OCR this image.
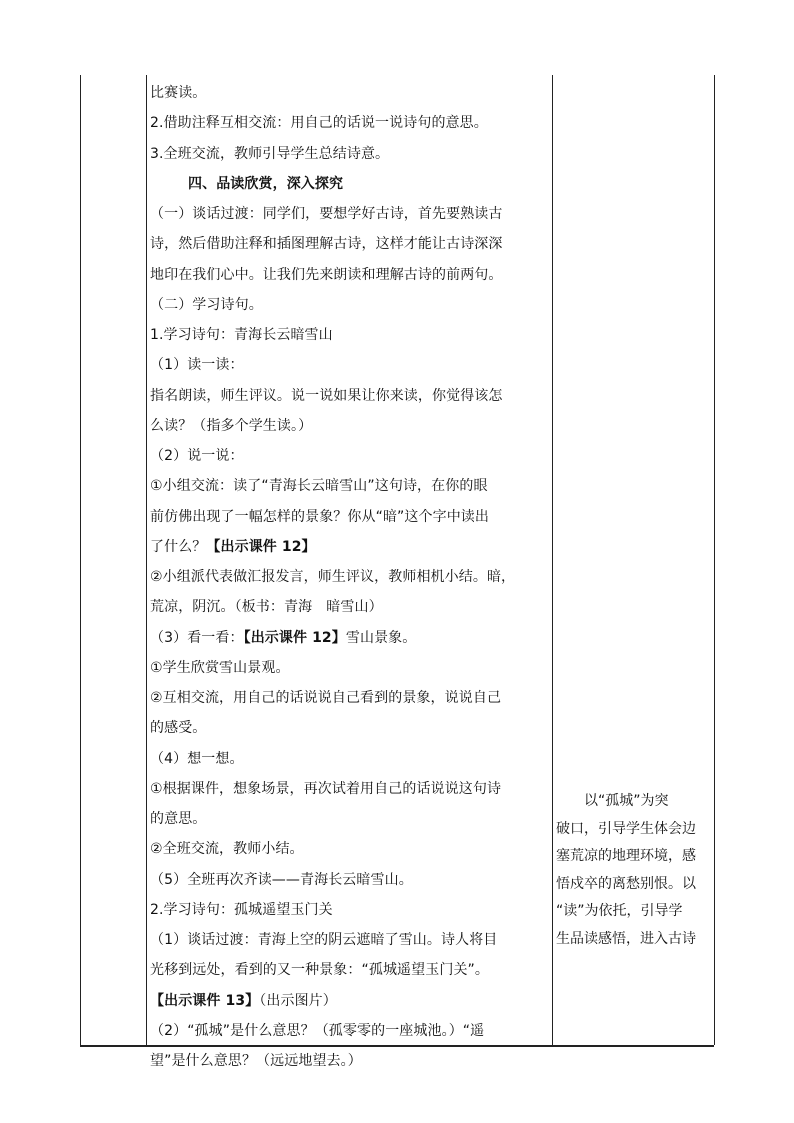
比赛读。
2.借助注释互相交流：用自己的话说一说诗句的意思。
3.全班交流，教师引导学生总结诗意。
四、品读欣赏，深入探究
（一）谈话过渡：同学们，要想学好古诗，首先要熟读古
诗，然后借助注释和插图理解古诗，这样才能让古诗深深
地印在我们心中。让我们先来朗读和理解古诗的前两句。
（二）学习诗句。
1.学习诗句：青海长云暗雪山
（1）读一读：
指名朗读，师生评议。说一说如果让你来读，你觉得该怎
么读？（指多个学生读。）
（2）说一说：
①小组交流：读了“青海长云暗雪山”这句诗，在你的眼
前仿佛出现了一幅怎样的景象？你从“暗”这个字中读出
了什么？【出示课件 12】
②小组派代表做汇报发言，师生评议，教师相机小结。暗，
荒凉，阴沉。（板书：青海　暗雪山）
（3）看一看：【出示课件 12】雪山景象。
①学生欣赏雪山景观。
②互相交流，用自己的话说说自己看到的景象，说说自己
的感受。
（4）想一想。
①根据课件，想象场景，再次试着用自己的话说说这句诗
的意思。
②全班交流，教师小结。
（5）全班再次齐读——青海长云暗雪山。
2.学习诗句：孤城遥望玉门关
（1）谈话过渡：青海上空的阴云遮暗了雪山。诗人将目
光移到远处，看到的又一种景象：“孤城遥望玉门关”。
【出示课件 13】（出示图片）
（2）“孤城”是什么意思？（孤零零的一座城池。）“遥
望”是什么意思？（远远地望去。）
　　以“孤城”为突
破口，引导学生体会边
塞荒凉的地理环境，感
悟戍卒的离愁别恨。以
“读”为依托，引导学
生品读感悟，进入古诗
